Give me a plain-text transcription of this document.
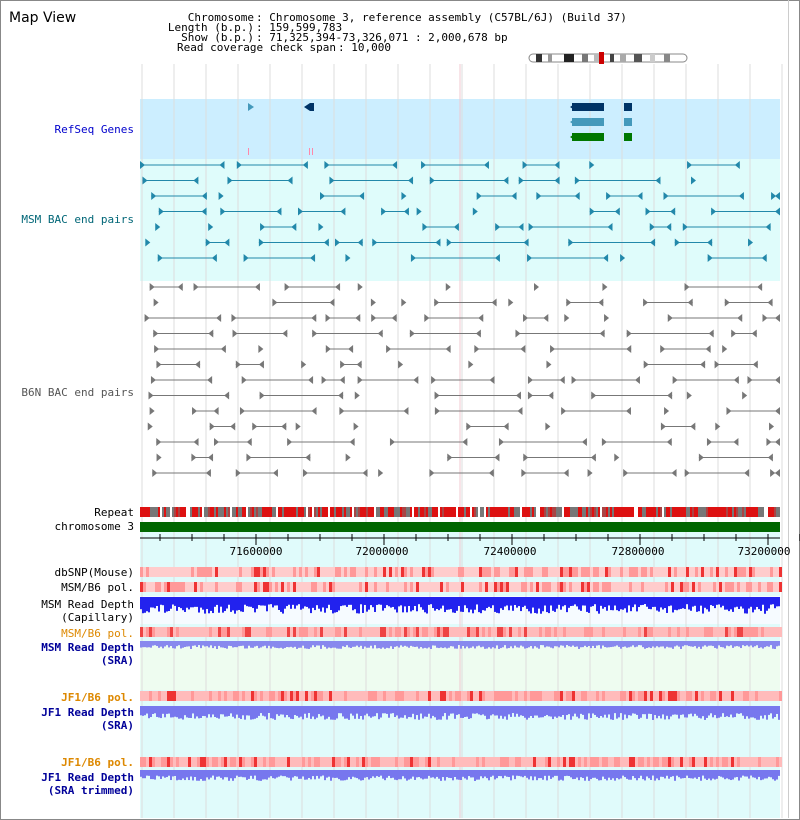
Map View	Chromosome : Chromosome 3, reference assembly (C57BL/6J) (Build 37)
Length (b.p.) : 159,599,783
Show (b.p.) : 71,325,394-73,326,071 : 2,000,678 bp
Read coverage check span : 10,000
RefSeq Genes
MSM BAC end pairs
B6N BAC end pairs
Repeat
chromosome 3
dbSNP(Mouse)
MSM/B6 pol.
MSM Read Depth
(Capillary)
MSM/B6 pol.
MSM Read Depth
(SRA)
JF1/B6 pol.
JF1 Read Depth
(SRA)
JF1/B6 pol.
JF1 Read Depth
(SRA trimmed)
71600000	72000000	72400000	72800000	73200000
